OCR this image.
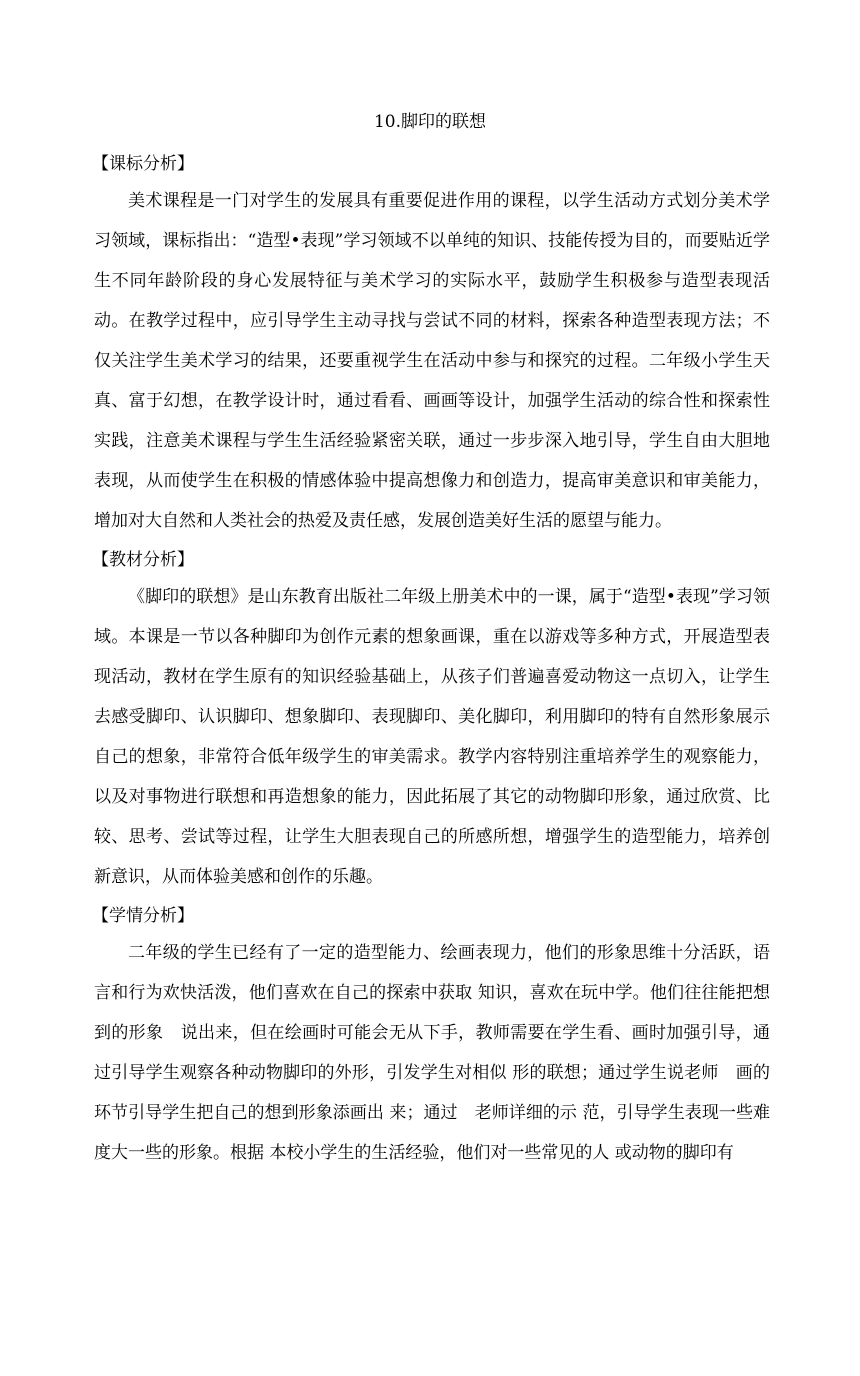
10.脚印的联想

【课标分析】

美术课程是一门对学生的发展具有重要促进作用的课程，以学生活动方式划分美术学习领域，课标指出：“造型•表现”学习领域不以单纯的知识、技能传授为目的，而要贴近学生不同年龄阶段的身心发展特征与美术学习的实际水平，鼓励学生积极参与造型表现活动。在教学过程中，应引导学生主动寻找与尝试不同的材料，探索各种造型表现方法；不仅关注学生美术学习的结果，还要重视学生在活动中参与和探究的过程。二年级小学生天真、富于幻想，在教学设计时，通过看看、画画等设计，加强学生活动的综合性和探索性实践，注意美术课程与学生生活经验紧密关联，通过一步步深入地引导，学生自由大胆地表现，从而使学生在积极的情感体验中提高想像力和创造力，提高审美意识和审美能力，增加对大自然和人类社会的热爱及责任感，发展创造美好生活的愿望与能力。

【教材分析】

《脚印的联想》是山东教育出版社二年级上册美术中的一课，属于“造型•表现”学习领域。本课是一节以各种脚印为创作元素的想象画课，重在以游戏等多种方式，开展造型表现活动，教材在学生原有的知识经验基础上，从孩子们普遍喜爱动物这一点切入，让学生去感受脚印、认识脚印、想象脚印、表现脚印、美化脚印，利用脚印的特有自然形象展示自己的想象，非常符合低年级学生的审美需求。教学内容特别注重培养学生的观察能力，以及对事物进行联想和再造想象的能力，因此拓展了其它的动物脚印形象，通过欣赏、比较、思考、尝试等过程，让学生大胆表现自己的所感所想，增强学生的造型能力，培养创新意识，从而体验美感和创作的乐趣。

【学情分析】

二年级的学生已经有了一定的造型能力、绘画表现力，他们的形象思维十分活跃，语言和行为欢快活泼，他们喜欢在自己的探索中获取 知识，喜欢在玩中学。他们往往能把想到的形象　说出来，但在绘画时可能会无从下手，教师需要在学生看、画时加强引导，通过引导学生观察各种动物脚印的外形，引发学生对相似 形的联想；通过学生说老师　画的环节引导学生把自己的想到形象添画出 来；通过　老师详细的示 范，引导学生表现一些难度大一些的形象。根据 本校小学生的生活经验，他们对一些常见的人 或动物的脚印有
